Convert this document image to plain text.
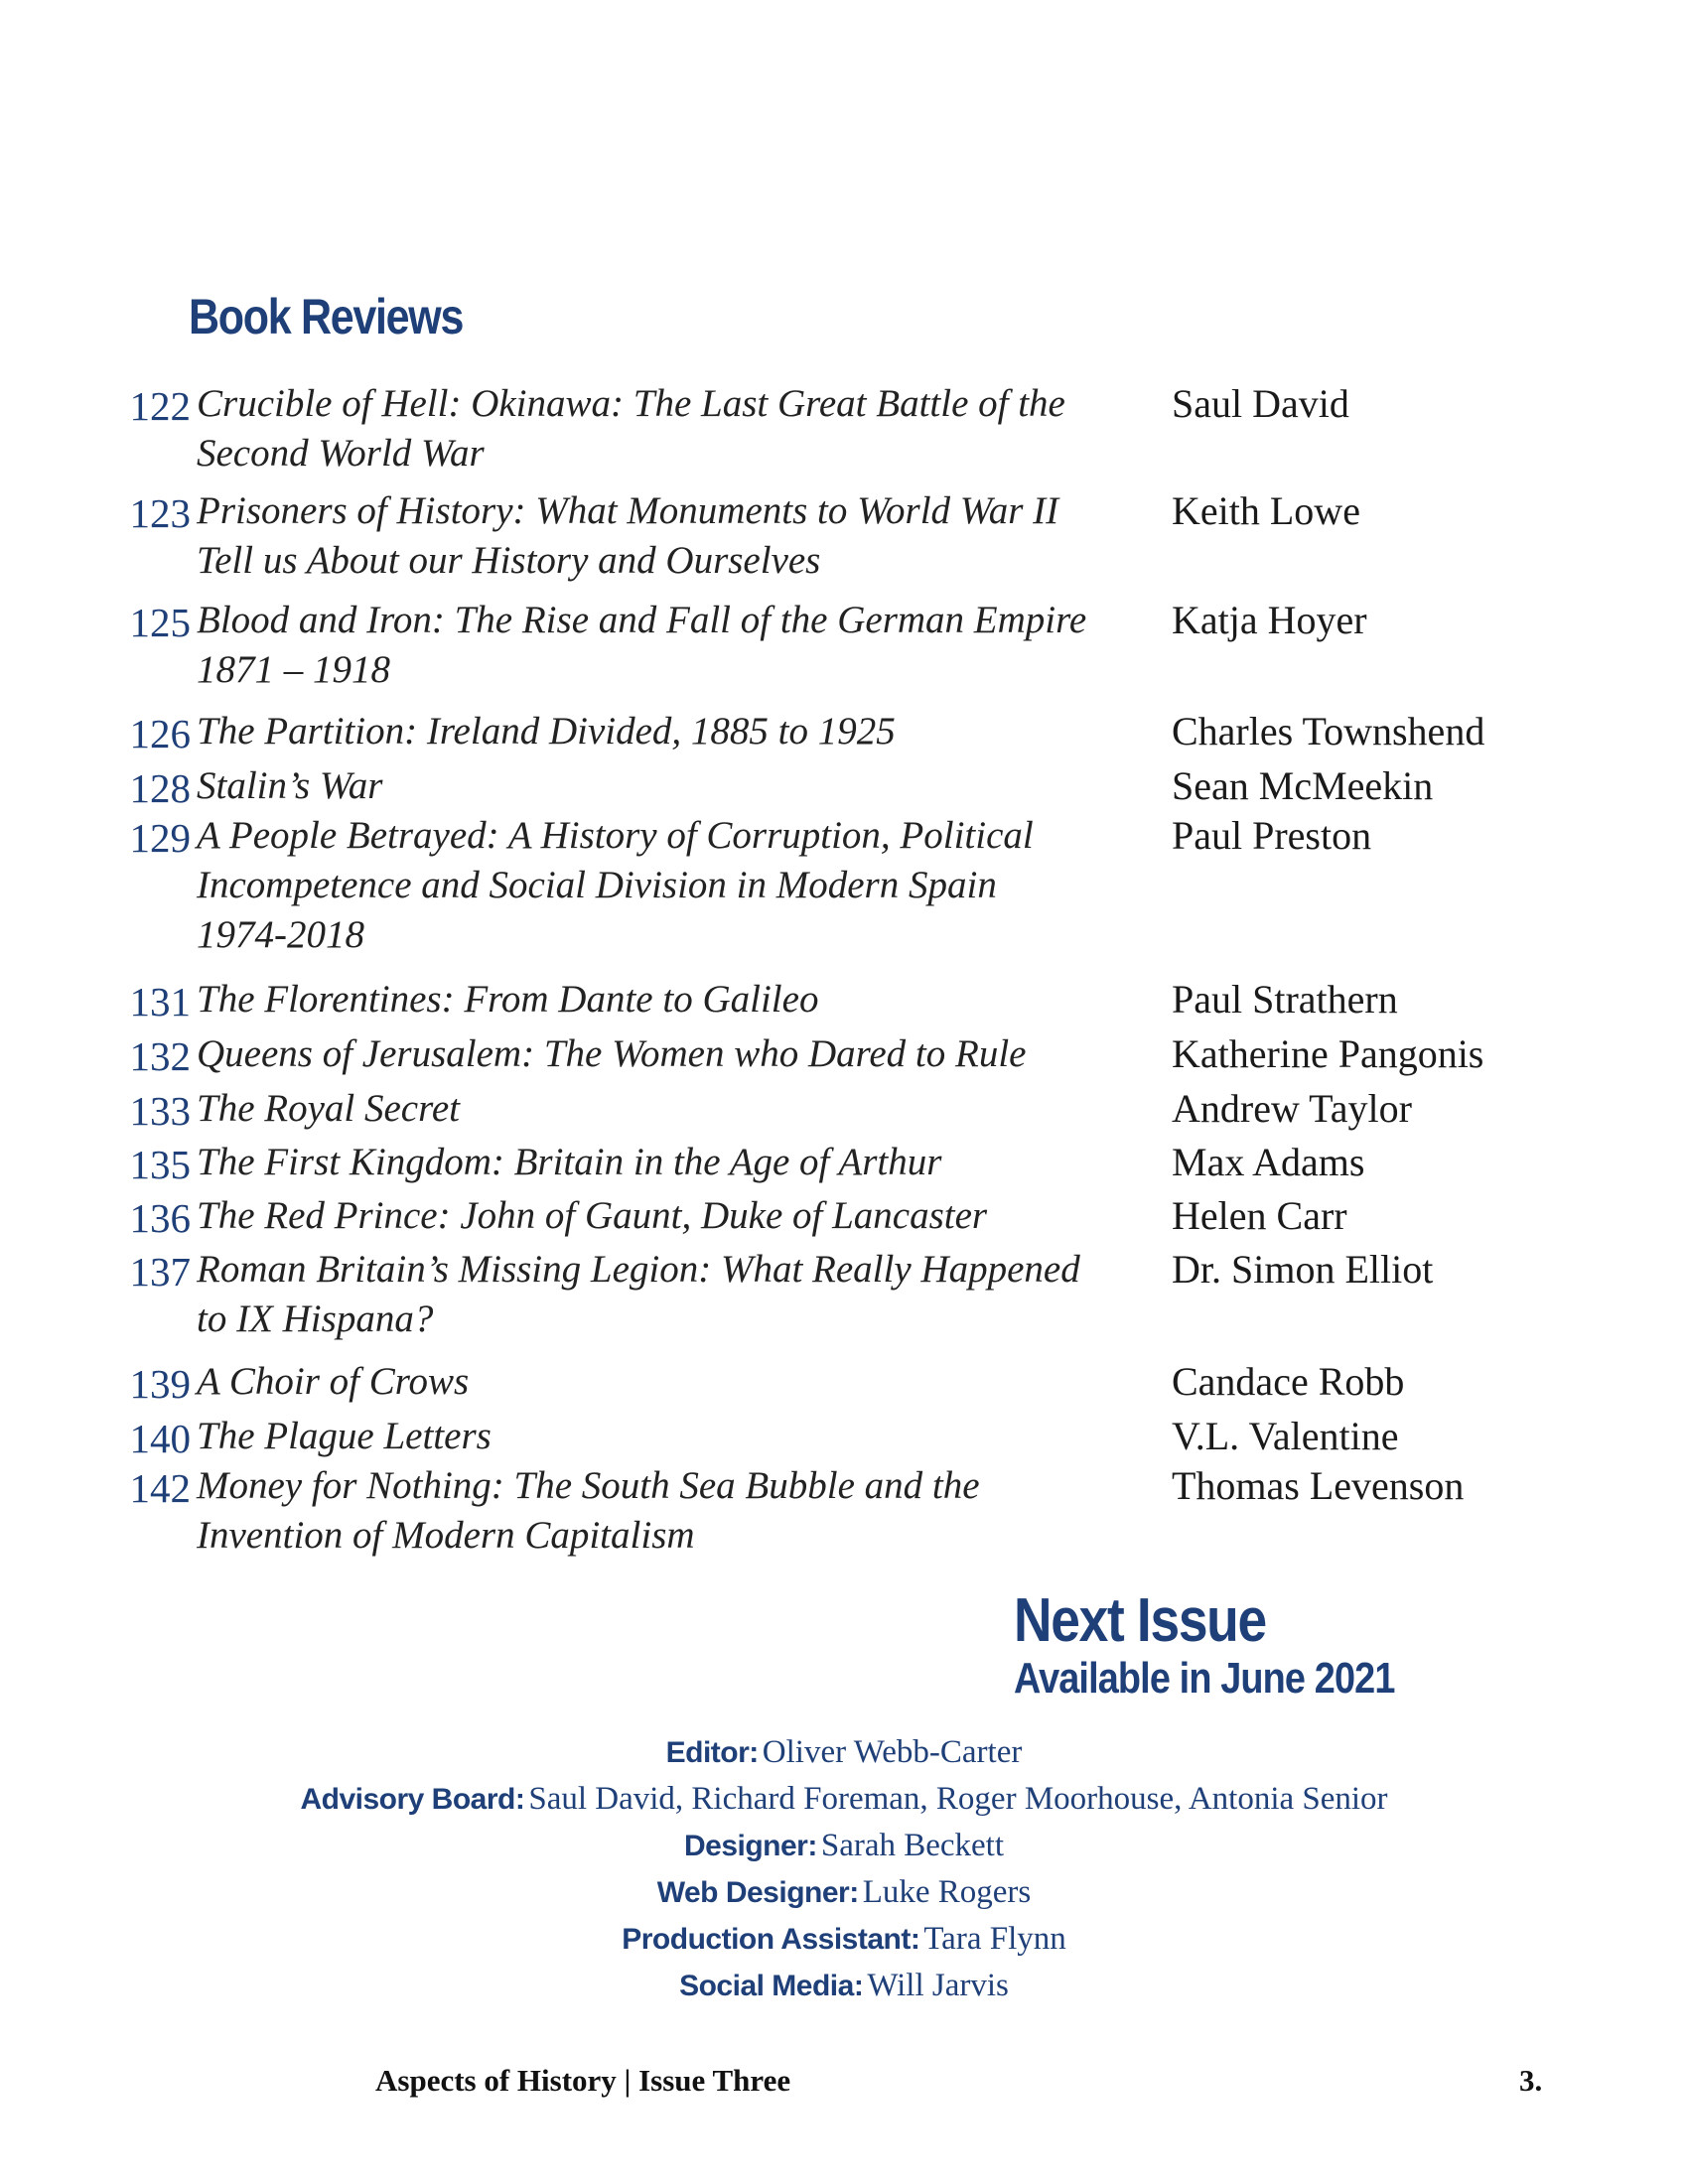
Book Reviews
122 Crucible of Hell: Okinawa: The Last Great Battle of the
Second World War
Saul David
123 Prisoners of History: What Monuments to World War II
Tell us About our History and Ourselves
Keith Lowe
125 Blood and Iron: The Rise and Fall of the German Empire
1871 – 1918
Katja Hoyer
126 The Partition: Ireland Divided, 1885 to 1925	Charles Townshend
128 Stalin’s War	Sean McMeekin
129 A People Betrayed: A History of Corruption, Political
Incompetence and Social Division in Modern Spain
1974-2018
Paul Preston
131 The Florentines: From Dante to Galileo	Paul Strathern
132 Queens of Jerusalem: The Women who Dared to Rule	Katherine Pangonis
133 The Royal Secret	Andrew Taylor
135 The First Kingdom: Britain in the Age of Arthur	Max Adams
136 The Red Prince: John of Gaunt, Duke of Lancaster	Helen Carr
137 Roman Britain’s Missing Legion: What Really Happened
to IX Hispana?
Dr. Simon Elliot
139 A Choir of Crows	Candace Robb
140 The Plague Letters	V.L. Valentine
142 Money for Nothing: The South Sea Bubble and the
Invention of Modern Capitalism
Thomas Levenson
Next Issue
Available in June 2021
Editor: Oliver Webb-Carter
Advisory Board: Saul David, Richard Foreman, Roger Moorhouse, Antonia Senior
Designer: Sarah Beckett
Web Designer: Luke Rogers
Production Assistant: Tara Flynn
Social Media: Will Jarvis
Aspects of History | Issue Three	3.
